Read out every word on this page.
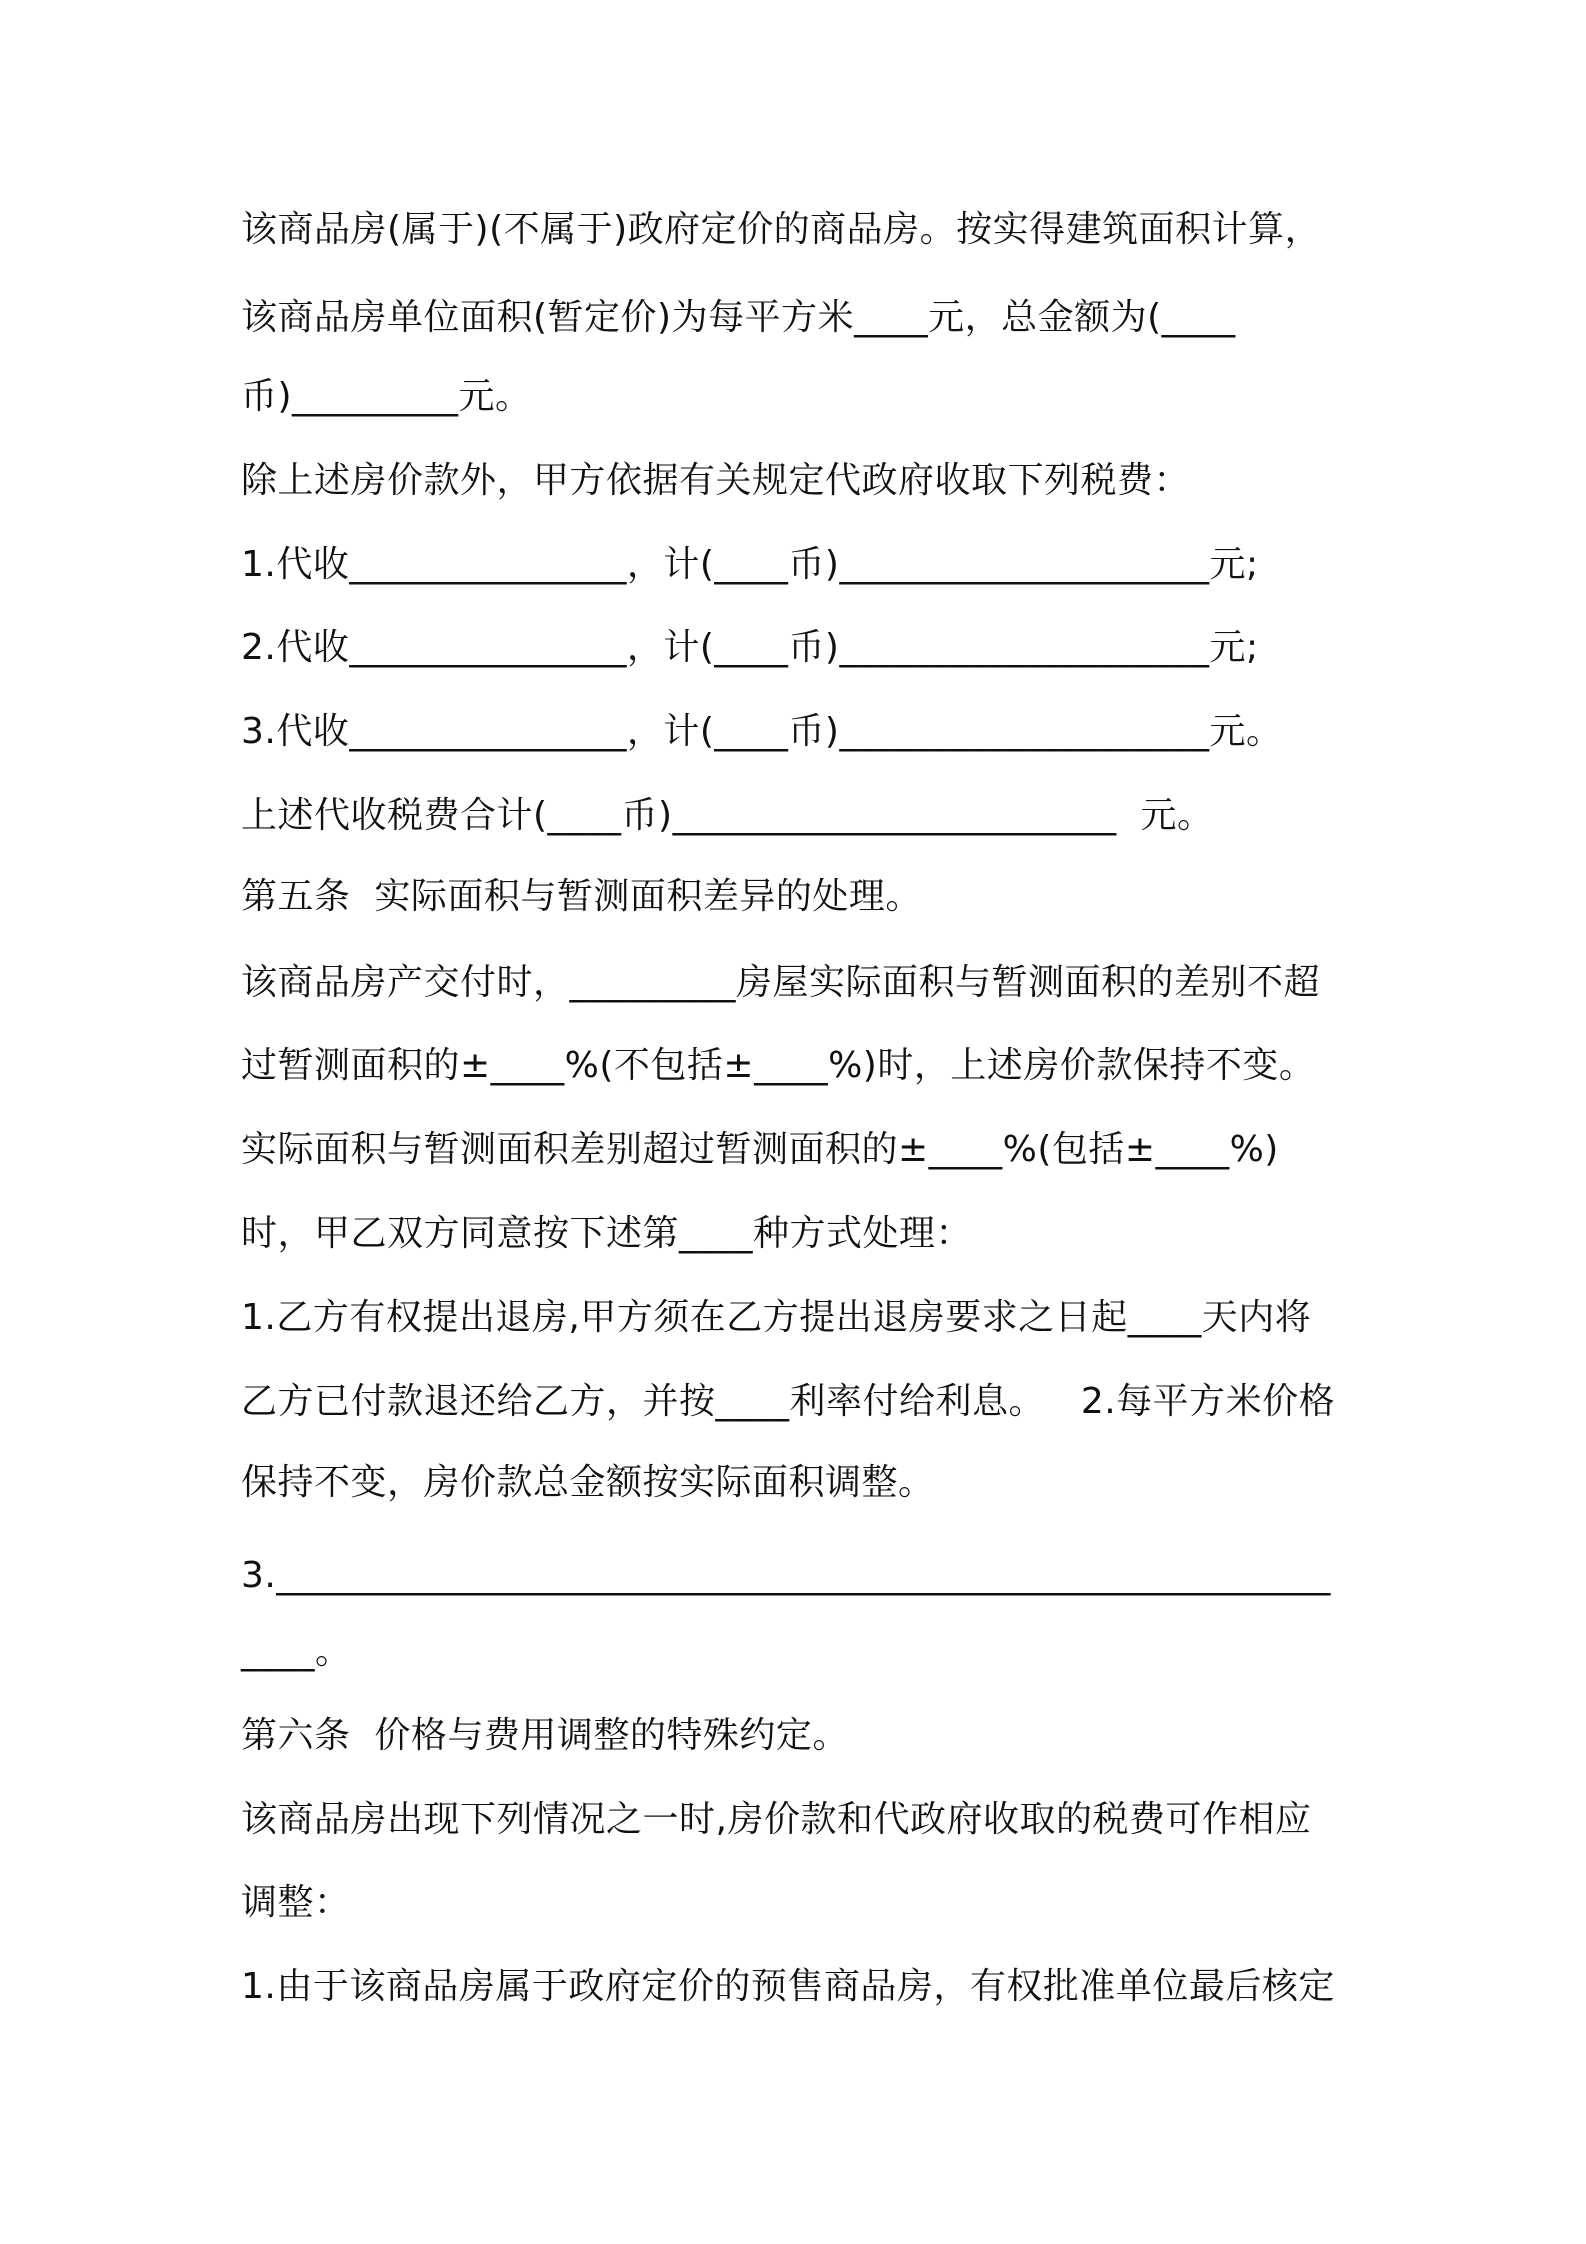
该商品房(属于)(不属于)政府定价的商品房。按实得建筑面积计算，
该商品房单位面积(暂定价)为每平方米____元，总金额为(____
币)_________元。
除上述房价款外，甲方依据有关规定代政府收取下列税费：
1.代收_______________，计(____币)____________________元;
2.代收_______________，计(____币)____________________元;
3.代收_______________，计(____币)____________________元。
上述代收税费合计(____币)________________________  元。
第五条  实际面积与暂测面积差异的处理。
该商品房产交付时，_________房屋实际面积与暂测面积的差别不超
过暂测面积的±____%(不包括±____%)时，上述房价款保持不变。
实际面积与暂测面积差别超过暂测面积的±____%(包括±____%)
时，甲乙双方同意按下述第____种方式处理：
1.乙方有权提出退房,甲方须在乙方提出退房要求之日起____天内将
乙方已付款退还给乙方，并按____利率付给利息。   2.每平方米价格
保持不变，房价款总金额按实际面积调整。
3._________________________________________________________
____。
第六条  价格与费用调整的特殊约定。
该商品房出现下列情况之一时,房价款和代政府收取的税费可作相应
调整：
1.由于该商品房属于政府定价的预售商品房，有权批准单位最后核定
